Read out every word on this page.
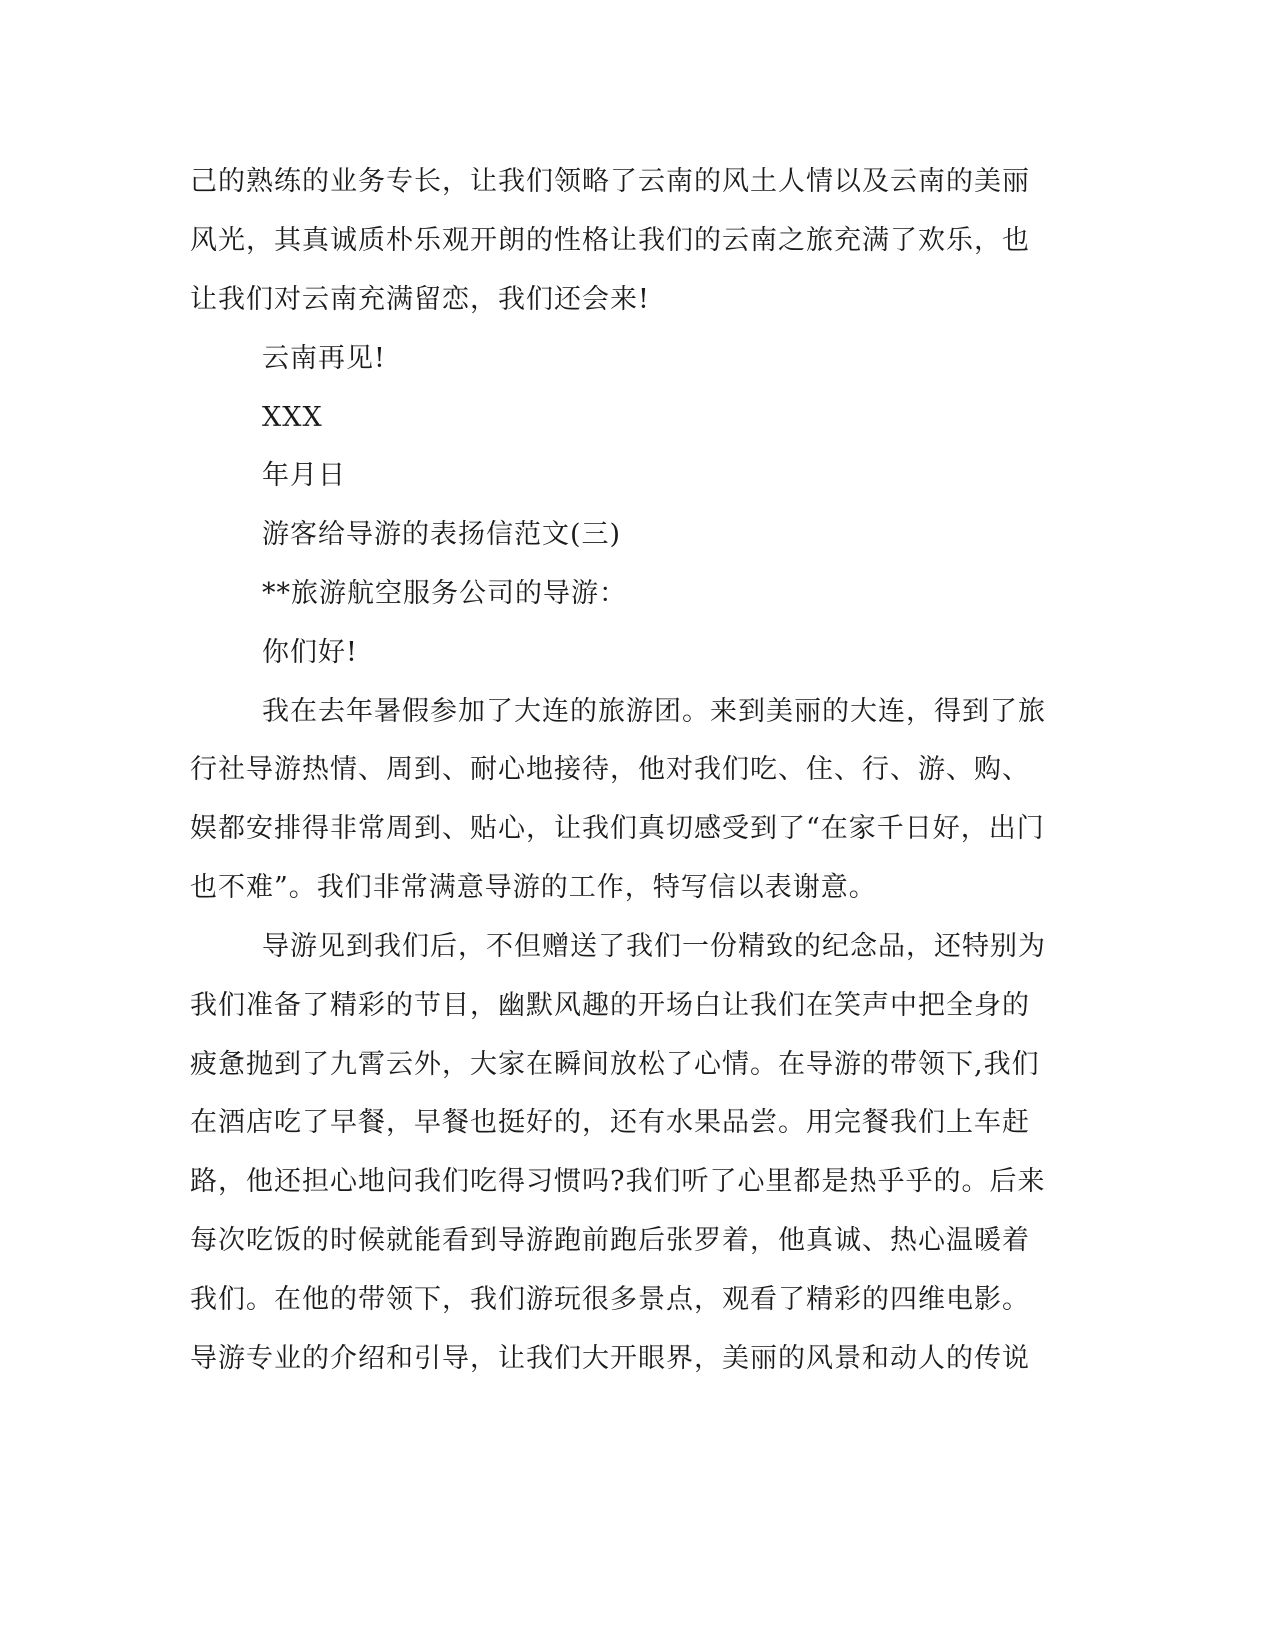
己的熟练的业务专长，让我们领略了云南的风土人情以及云南的美丽
风光，其真诚质朴乐观开朗的性格让我们的云南之旅充满了欢乐，也
让我们对云南充满留恋，我们还会来!
云南再见!
XXX
年月日
游客给导游的表扬信范文(三)
**旅游航空服务公司的导游：
你们好!
我在去年暑假参加了大连的旅游团。来到美丽的大连，得到了旅
行社导游热情、周到、耐心地接待，他对我们吃、住、行、游、购、
娱都安排得非常周到、贴心，让我们真切感受到了“在家千日好，出门
也不难”。我们非常满意导游的工作，特写信以表谢意。
导游见到我们后，不但赠送了我们一份精致的纪念品，还特别为
我们准备了精彩的节目，幽默风趣的开场白让我们在笑声中把全身的
疲惫抛到了九霄云外，大家在瞬间放松了心情。在导游的带领下,我们
在酒店吃了早餐，早餐也挺好的，还有水果品尝。用完餐我们上车赶
路，他还担心地问我们吃得习惯吗?我们听了心里都是热乎乎的。后来
每次吃饭的时候就能看到导游跑前跑后张罗着，他真诚、热心温暖着
我们。在他的带领下，我们游玩很多景点，观看了精彩的四维电影。
导游专业的介绍和引导，让我们大开眼界，美丽的风景和动人的传说
